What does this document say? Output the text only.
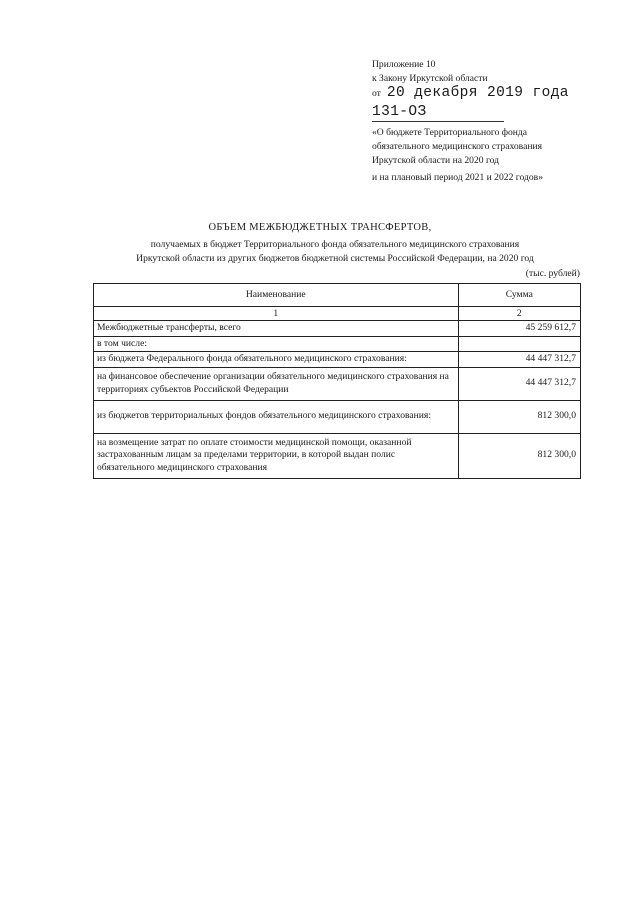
Приложение 10
к Закону Иркутской области
от 20 декабря 2019 года
131-ОЗ
«О бюджете Территориального фонда
обязательного медицинского страхования
Иркутской области на 2020 год
и на плановый период 2021 и 2022 годов»
ОБЪЕМ МЕЖБЮДЖЕТНЫХ ТРАНСФЕРТОВ,
получаемых в бюджет Территориального фонда обязательного медицинского страхования
Иркутской области из других бюджетов бюджетной системы Российской Федерации, на 2020 год
(тыс. рублей)
Наименование	Сумма
1	2
Межбюджетные трансферты, всего	45 259 612,7
в том числе:	
из бюджета Федерального фонда обязательного медицинского страхования:	44 447 312,7
на финансовое обеспечение организации обязательного медицинского страхования на территориях субъектов Российской Федерации	44 447 312,7
из бюджетов территориальных фондов обязательного медицинского страхования:	812 300,0
на возмещение затрат по оплате стоимости медицинской помощи, оказанной застрахованным лицам за пределами территории, в которой выдан полис обязательного медицинского страхования	812 300,0
